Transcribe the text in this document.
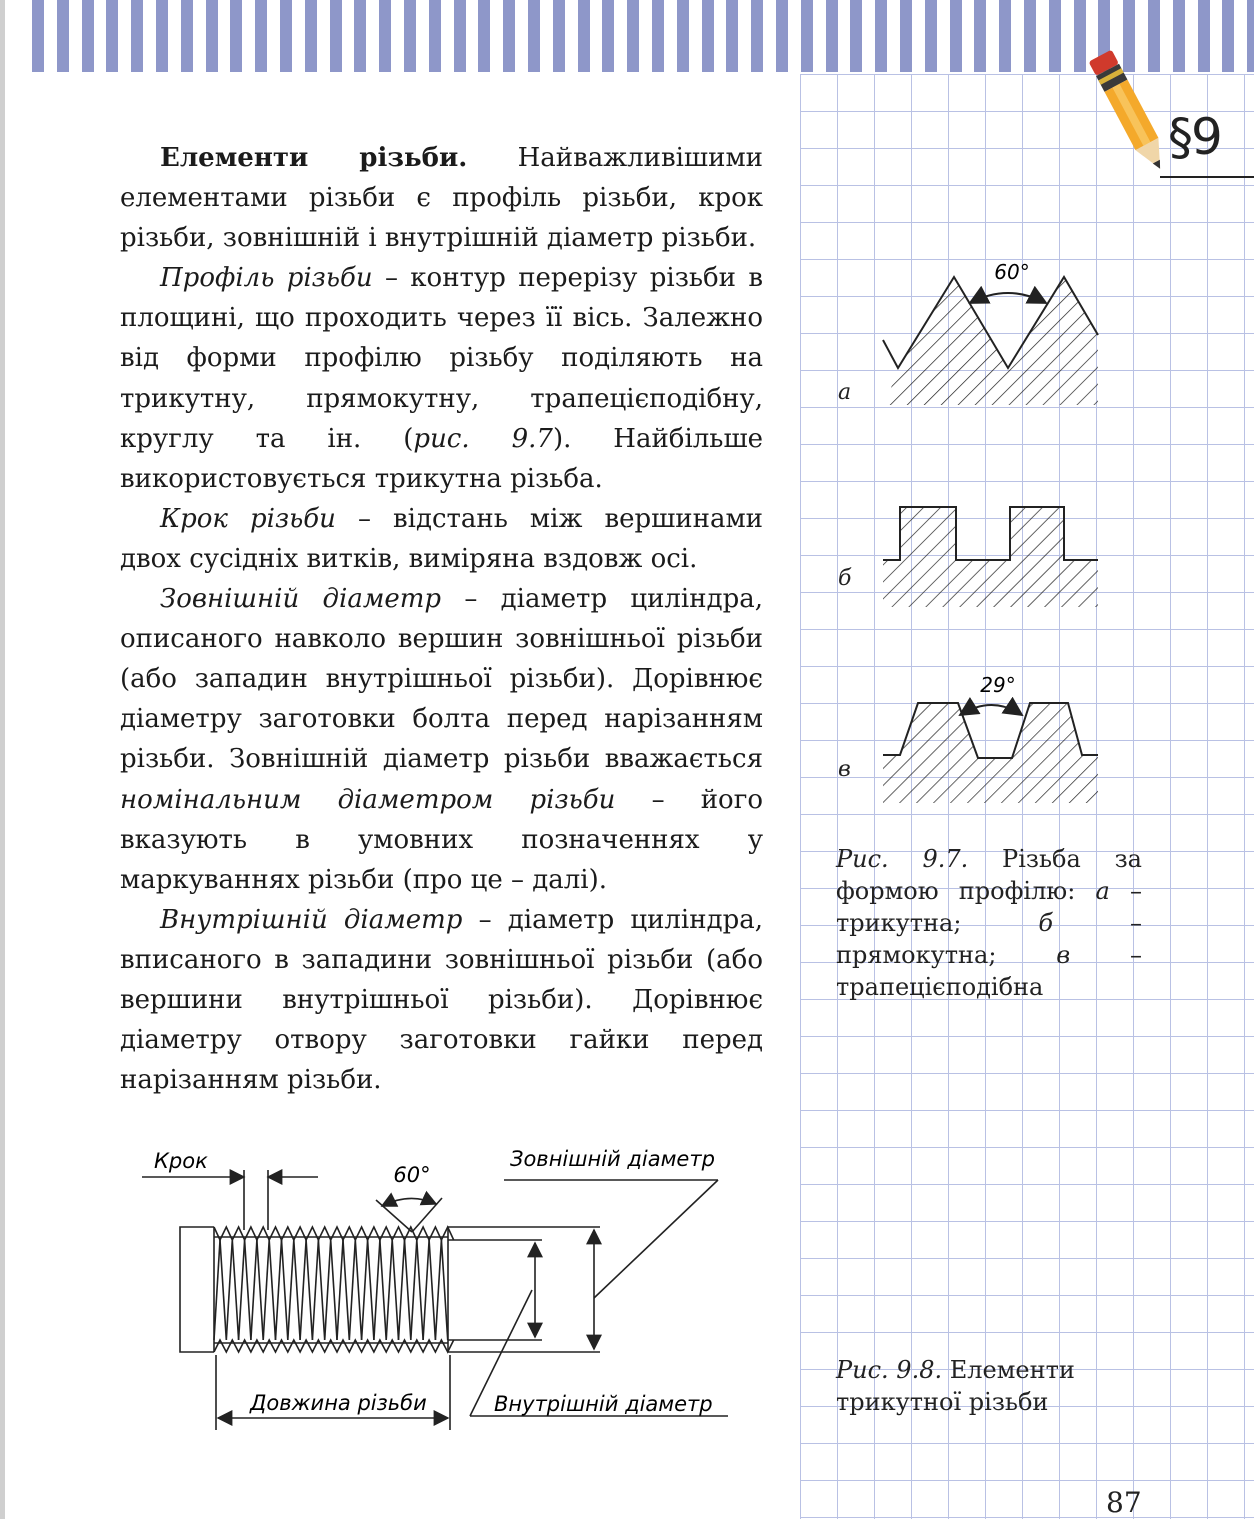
§9

Елементи різьби. Найважливішими елементами різьби є профіль різьби, крок різьби, зовнішній і внутрішній діаметр різьби.

Профіль різьби – контур перерізу різьби в площині, що проходить через її вісь. Залежно від форми профілю різьбу поділяють на трикутну, прямокутну, трапецієподібну, круглу та ін. (рис. 9.7). Найбільше використовується трикутна різьба.

Крок різьби – відстань між вершинами двох сусідніх витків, виміряна вздовж осі.

Зовнішній діаметр – діаметр циліндра, описаного навколо вершин зовнішньої різьби (або западин внутрішньої різьби). Дорівнює діаметру заготовки болта перед нарізанням різьби. Зовнішній діаметр різьби вважається номінальним діаметром різьби – його вказують в умовних позначеннях у маркуваннях різьби (про це – далі).

Внутрішній діаметр – діаметр циліндра, вписаного в западини зовнішньої різьби (або вершини внутрішньої різьби). Дорівнює діаметру отвору заготовки гайки перед нарізанням різьби.

60°
29°
а
б
в
Рис. 9.7. Різьба за формою профілю: а – трикутна; б – прямокутна; в – трапецієподібна
Крок
60°
Зовнішній діаметр
Довжина різьби	Внутрішній діаметр
Рис. 9.8. Елементи трикутної різьби
87
